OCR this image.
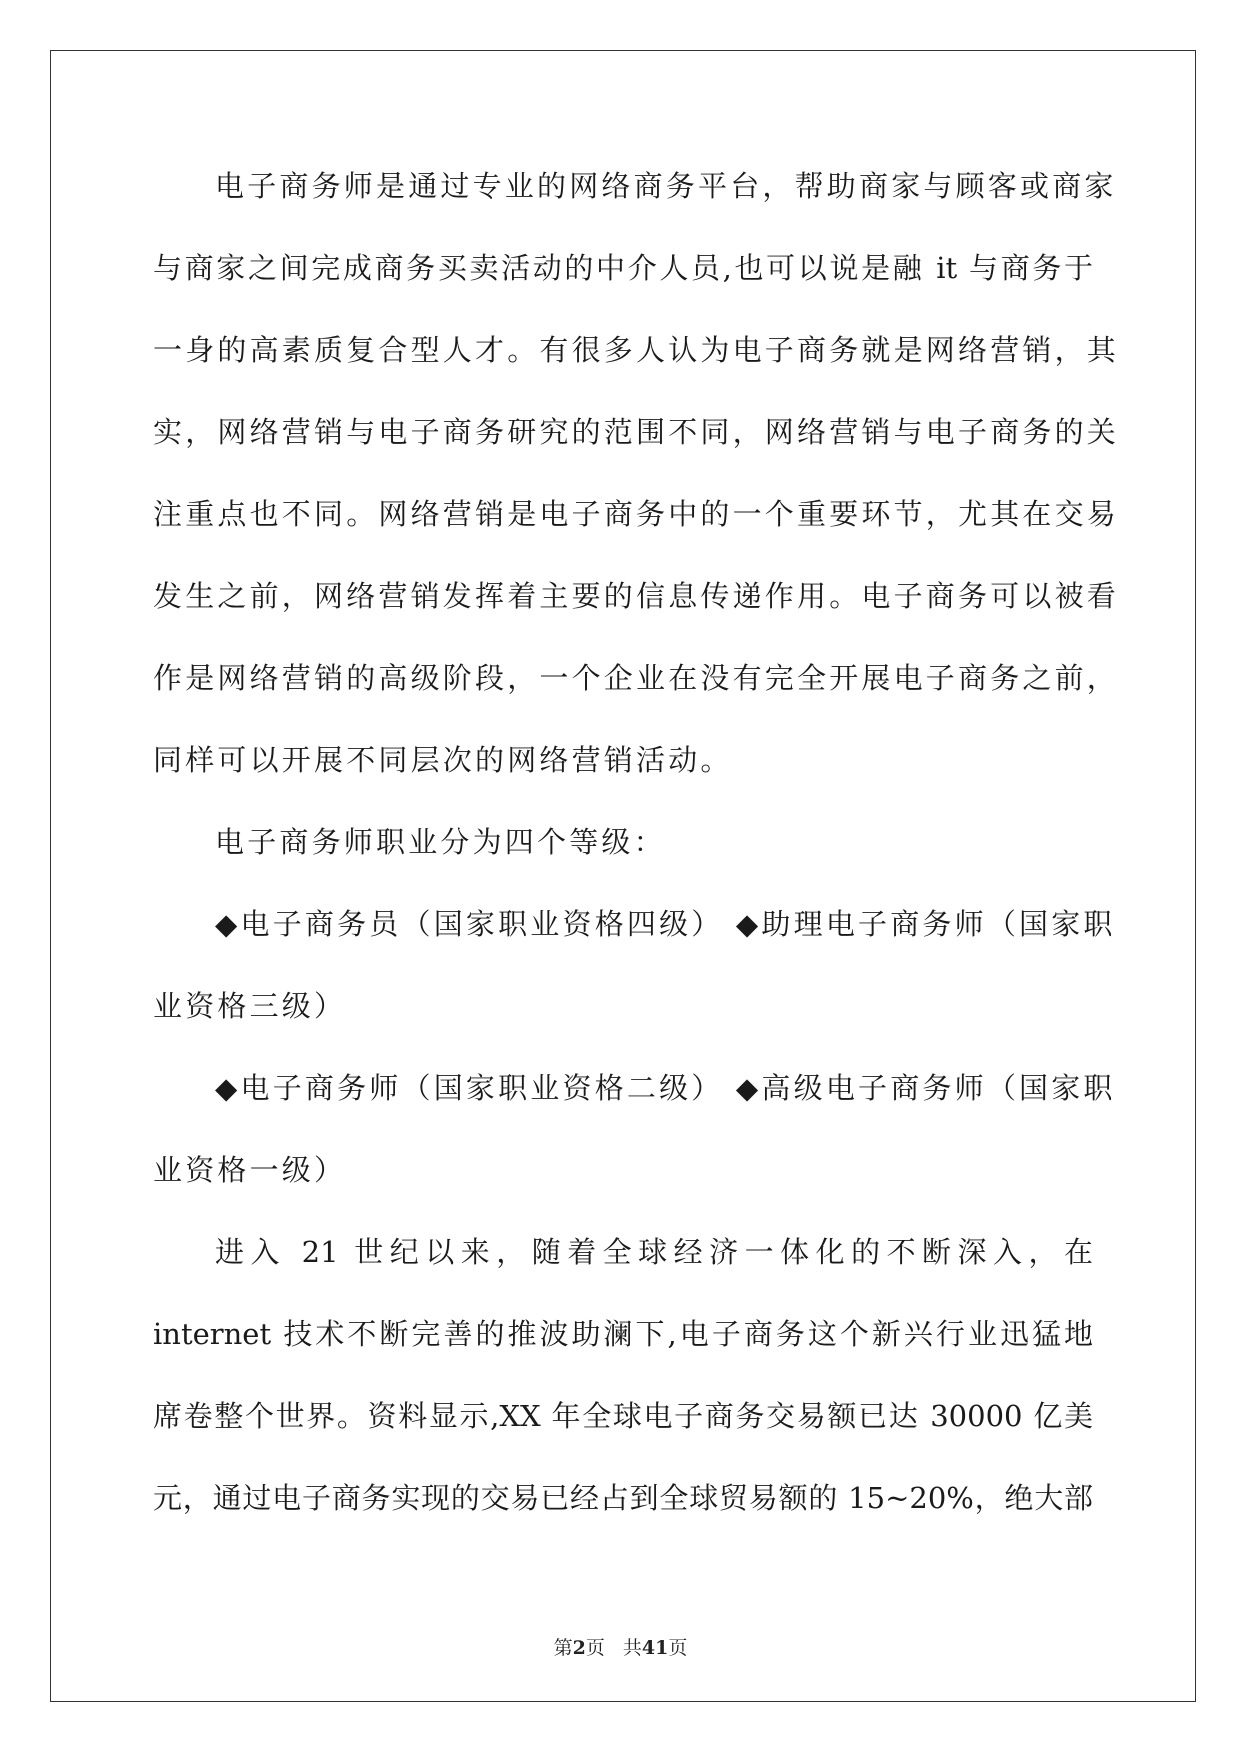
电子商务师是通过专业的网络商务平台，帮助商家与顾客或商家
与商家之间完成商务买卖活动的中介人员,也可以说是融 it 与商务于
一身的高素质复合型人才。有很多人认为电子商务就是网络营销，其
实，网络营销与电子商务研究的范围不同，网络营销与电子商务的关
注重点也不同。网络营销是电子商务中的一个重要环节，尤其在交易
发生之前，网络营销发挥着主要的信息传递作用。电子商务可以被看
作是网络营销的高级阶段，一个企业在没有完全开展电子商务之前，
同样可以开展不同层次的网络营销活动。
电子商务师职业分为四个等级：
◆电子商务员（国家职业资格四级） ◆助理电子商务师（国家职
业资格三级）
◆电子商务师（国家职业资格二级） ◆高级电子商务师（国家职
业资格一级）
进入 21 世纪以来，随着全球经济一体化的不断深入，在
internet 技术不断完善的推波助澜下,电子商务这个新兴行业迅猛地
席卷整个世界。资料显示,XX 年全球电子商务交易额已达 30000 亿美
元，通过电子商务实现的交易已经占到全球贸易额的 15~20%，绝大部
第2页 共41页
